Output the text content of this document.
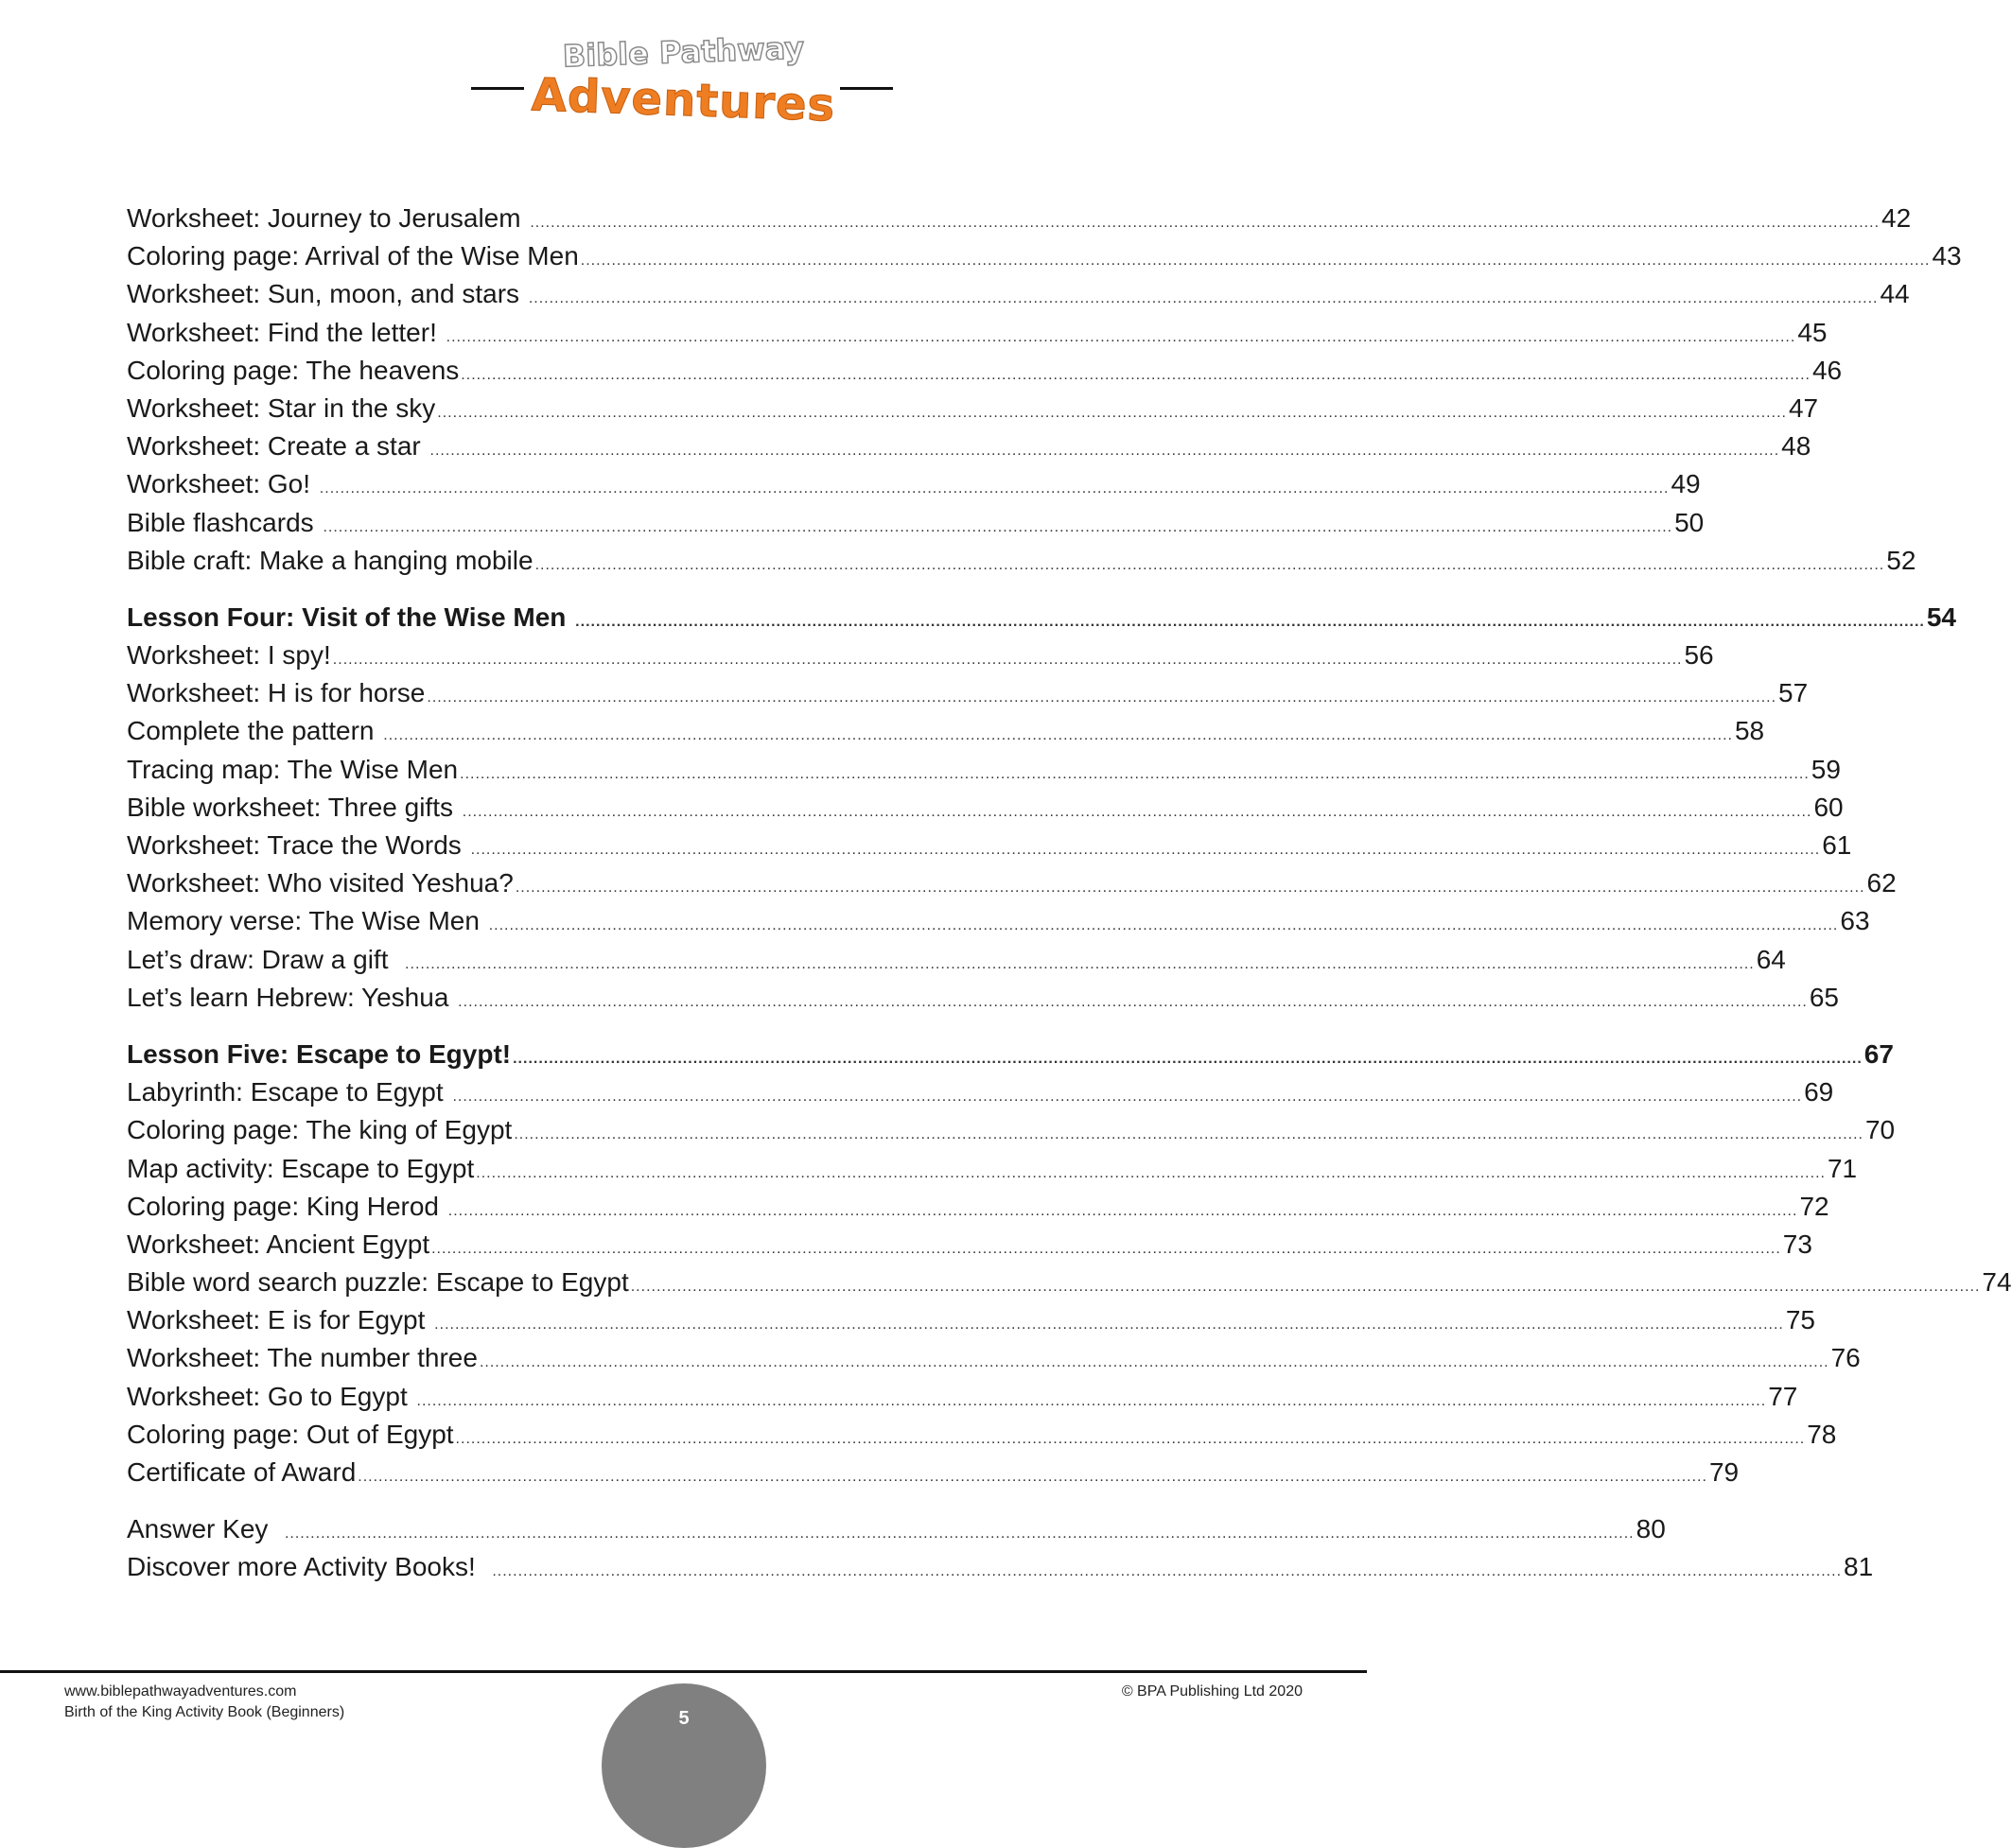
Bible Pathway
Adventures
Worksheet: Journey to Jerusalem ...................................................................................................................................................................................................................................................................... 42
Coloring page: Arrival of the Wise Men ...................................................................................................................................................................................................................................................................... 43
Worksheet: Sun, moon, and stars ...................................................................................................................................................................................................................................................................... 44
Worksheet: Find the letter! ...................................................................................................................................................................................................................................................................... 45
Coloring page: The heavens ...................................................................................................................................................................................................................................................................... 46
Worksheet: Star in the sky ...................................................................................................................................................................................................................................................................... 47
Worksheet: Create a star ...................................................................................................................................................................................................................................................................... 48
Worksheet: Go! ...................................................................................................................................................................................................................................................................... 49
Bible flashcards ...................................................................................................................................................................................................................................................................... 50
Bible craft: Make a hanging mobile ...................................................................................................................................................................................................................................................................... 52
Lesson Four: Visit of the Wise Men ...................................................................................................................................................................................................................................................................... 54
Worksheet: I spy! ...................................................................................................................................................................................................................................................................... 56
Worksheet: H is for horse ...................................................................................................................................................................................................................................................................... 57
Complete the pattern ...................................................................................................................................................................................................................................................................... 58
Tracing map: The Wise Men ...................................................................................................................................................................................................................................................................... 59
Bible worksheet: Three gifts ...................................................................................................................................................................................................................................................................... 60
Worksheet: Trace the Words ...................................................................................................................................................................................................................................................................... 61
Worksheet: Who visited Yeshua? ...................................................................................................................................................................................................................................................................... 62
Memory verse: The Wise Men ...................................................................................................................................................................................................................................................................... 63
Let’s draw: Draw a gift ...................................................................................................................................................................................................................................................................... 64
Let’s learn Hebrew: Yeshua ...................................................................................................................................................................................................................................................................... 65
Lesson Five: Escape to Egypt! ...................................................................................................................................................................................................................................................................... 67
Labyrinth: Escape to Egypt ...................................................................................................................................................................................................................................................................... 69
Coloring page: The king of Egypt ...................................................................................................................................................................................................................................................................... 70
Map activity: Escape to Egypt ...................................................................................................................................................................................................................................................................... 71
Coloring page: King Herod ...................................................................................................................................................................................................................................................................... 72
Worksheet: Ancient Egypt ...................................................................................................................................................................................................................................................................... 73
Bible word search puzzle: Escape to Egypt ...................................................................................................................................................................................................................................................................... 74
Worksheet: E is for Egypt ...................................................................................................................................................................................................................................................................... 75
Worksheet: The number three ...................................................................................................................................................................................................................................................................... 76
Worksheet: Go to Egypt ...................................................................................................................................................................................................................................................................... 77
Coloring page: Out of Egypt ...................................................................................................................................................................................................................................................................... 78
Certificate of Award ...................................................................................................................................................................................................................................................................... 79
Answer Key ...................................................................................................................................................................................................................................................................... 80
Discover more Activity Books! ...................................................................................................................................................................................................................................................................... 81
www.biblepathwayadventures.com
Birth of the King Activity Book (Beginners)
© BPA Publishing Ltd 2020
5
